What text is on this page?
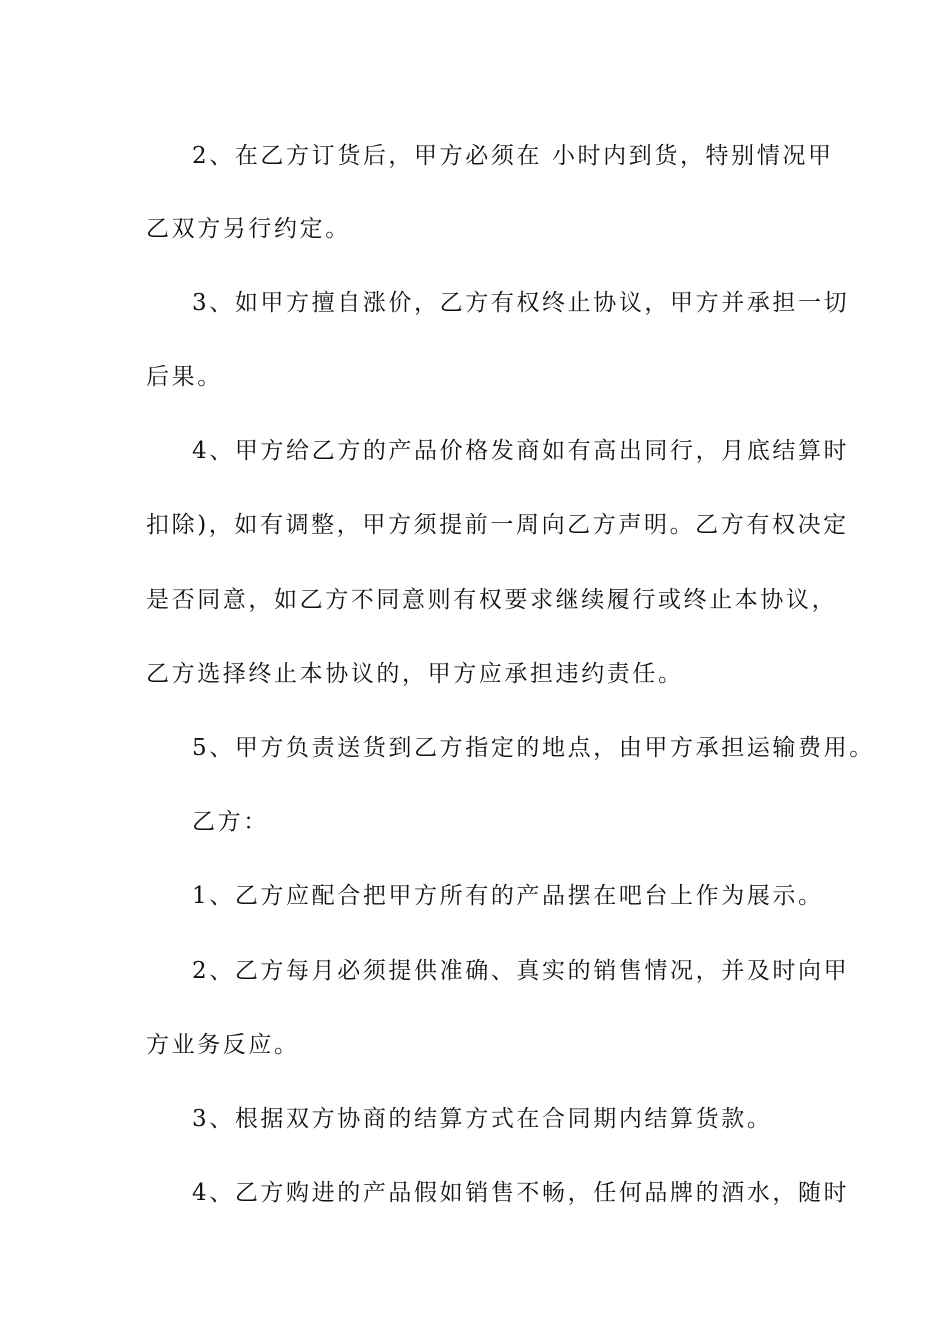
2、在乙方订货后，甲方必须在 小时内到货，特别情况甲
乙双方另行约定。
3、如甲方擅自涨价，乙方有权终止协议，甲方并承担一切
后果。
4、甲方给乙方的产品价格发商如有高出同行，月底结算时
扣除)，如有调整，甲方须提前一周向乙方声明。乙方有权决定
是否同意，如乙方不同意则有权要求继续履行或终止本协议，
乙方选择终止本协议的，甲方应承担违约责任。
5、甲方负责送货到乙方指定的地点，由甲方承担运输费用。
乙方：
1、乙方应配合把甲方所有的产品摆在吧台上作为展示。
2、乙方每月必须提供准确、真实的销售情况，并及时向甲
方业务反应。
3、根据双方协商的结算方式在合同期内结算货款。
4、乙方购进的产品假如销售不畅，任何品牌的酒水，随时
